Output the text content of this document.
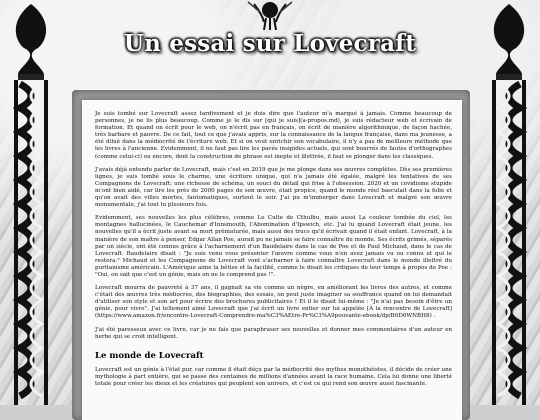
Un essai sur Lovecraft

Je suis tombé sur Lovecraft assez tardivement et je dois dire que l'auteur m'a marqué à jamais. Comme beaucoup de personnes, je ne lis plus beaucoup. Comme je le dis sur [qui je suis](a-propos.md), je suis rédacteur web et écrivain de formation. Et quand on écrit pour le web, on n'écrit pas en français, on écrit de manière algorithmique, de façon hachée, très barbare et pauvre. De ce fait, tout ce que j'avais appris, sur la connaissance de la langue française, dans ma jeunesse, a été dilué dans la médiocrité de l'écriture web. Et si on veut enrichir son vocabulaire, il n'y a pas de meilleure méthode que les livres à l'ancienne. Evidemment, il ne faut pas lire les pavés insipides actuels, qui sont bourrés de fautes d'orthographes (comme celui-ci) ou encore, dont la construction de phrase est inepte et illettrée, il faut se plonger dans les classiques.

J'avais déjà entendu parler de Lovecraft, mais c'est en 2019 que je me plonge dans ses œuvres complètes. Dès ses premières lignes, je suis tombé sous le charme, une écriture unique, qui n'a jamais été égalée, malgré les tentatives de ses Compagnons de Lovecraft; une richesse de schéma, un souci du détail qui frise à l'obsession. 2020 et un covidisme stupide m'ont bien aidé, car lire les près de 2000 pages de son œuvre, était propice, quand le monde réel basculait dans la folie et qu'on avait des villes mortes, fantomatiques, surtout le soir. J'ai pu m'immerger dans Lovecraft et malgré son œuvre monumentale, j'ai tout lu plusieurs fois.

Evidemment, ses nouvelles les plus célèbres, comme Le Culte de Cthulhu, mais aussi La couleur tombée du ciel, les montagnes hallucinées, le Cauchemar d'Innsmouth, l'Abomination d'Ipswich, etc. J'ai lu quand Lovecraft était jeune, les nouvelles qu'il a écrit juste avant sa mort prématurée, mais aussi des trucs qu'il écrivait quand il était enfant. Lovecraft, à la manière de son maître à penser, Edgar Allan Poe, aurait pu ne jamais se faire connaître du monde. Ses écrits grimés, séparés par un siècle, ont été connus grâce à l'acharnement d'un Baudelaire dans le cas de Poe et de Paul Michaud, dans le cas de Lovecraft. Baudelaire disait : "Je suis venu vous présenter l'œuvre comme vous n'en avez jamais vu ou connu et qui le restera." Michaud et les Compagnons de Lovecraft vont s'acharner à faire connaître Lovecraft dans le monde illettré du puritanisme américain. L'Amérique aime la bêtise et la facilité, comme le disait les critiques de leur temps à propos de Poe : "Oui, on sait que c'est un génie, mais on ne le comprend pas !".

Lovecraft mourra de pauvreté à 37 ans, il gagnait sa vie comme un nègre, en améliorant les livres des autres, et comme c'était des œuvres très médiocres, des biographies, des essais, on peut juste imaginer sa souffrance quand on lui demandait d'utiliser son style et son art pour écrire des brochures publicitaires ! Et il le disait lui-même : "Je n'ai pas besoin d'être un génie, pour vivre". J'ai tellement aimé Lovecraft que j'ai écrit un livre entier sur lui appelée [À la rencontre de Lovecraft] (https://www.amazon.fr/encontre-Lovecraft-Comprendre-ma%C3%AEtre-Pr%C3%A9pouvante-ebook/dp/B0D6WNBH8) .

J'ai été paresseux avec ce livre, car je ne fais que paraphraser ses nouvelles et donner mes commentaires d'un auteur en herbe qui se croit intelligent.

Le monde de Lovecraft

Lovecraft est un génie à l'état pur, car comme il était déçu par la médiocrité des mythes monothéistes, il décide de créer une mythologie à part entière, qui se passe des centaines de millions d'années avant la race humaine. Cela lui donne une liberté totale pour créer les dieux et les créatures qui peuplent son univers, et c'est ce qui rend son œuvre aussi fascinante.
